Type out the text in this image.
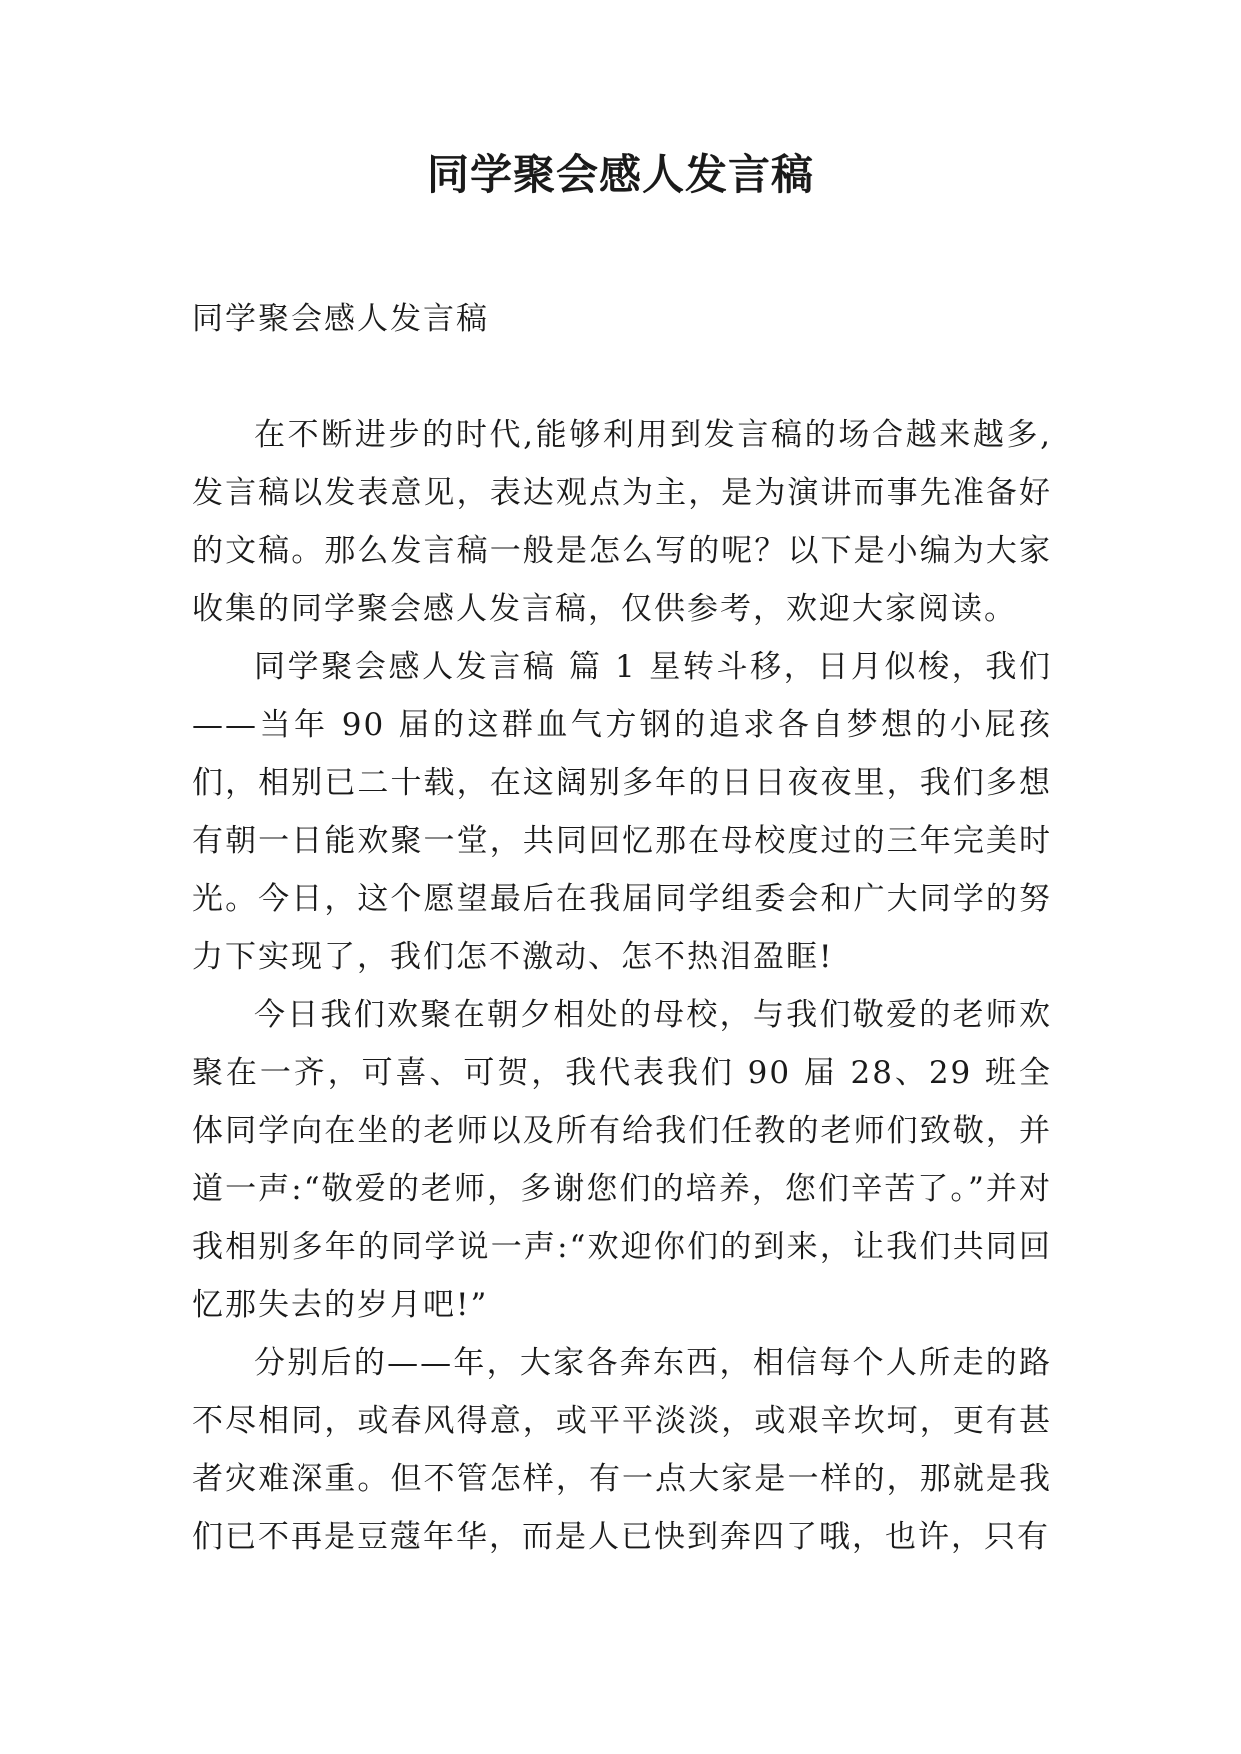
同学聚会感人发言稿

同学聚会感人发言稿

在不断进步的时代,能够利用到发言稿的场合越来越多,发言稿以发表意见，表达观点为主，是为演讲而事先准备好的文稿。那么发言稿一般是怎么写的呢？以下是小编为大家收集的同学聚会感人发言稿，仅供参考，欢迎大家阅读。

同学聚会感人发言稿 篇 1 星转斗移，日月似梭，我们——当年 90 届的这群血气方钢的追求各自梦想的小屁孩们，相别已二十载，在这阔别多年的日日夜夜里，我们多想有朝一日能欢聚一堂，共同回忆那在母校度过的三年完美时光。今日，这个愿望最后在我届同学组委会和广大同学的努力下实现了，我们怎不激动、怎不热泪盈眶!

今日我们欢聚在朝夕相处的母校，与我们敬爱的老师欢聚在一齐，可喜、可贺，我代表我们 90 届 28、29 班全体同学向在坐的老师以及所有给我们任教的老师们致敬，并道一声:“敬爱的老师，多谢您们的培养，您们辛苦了。”并对我相别多年的同学说一声:“欢迎你们的到来，让我们共同回忆那失去的岁月吧!”

分别后的——年，大家各奔东西，相信每个人所走的路不尽相同，或春风得意，或平平淡淡，或艰辛坎坷，更有甚者灾难深重。但不管怎样，有一点大家是一样的，那就是我们已不再是豆蔻年华，而是人已快到奔四了哦，也许，只有
